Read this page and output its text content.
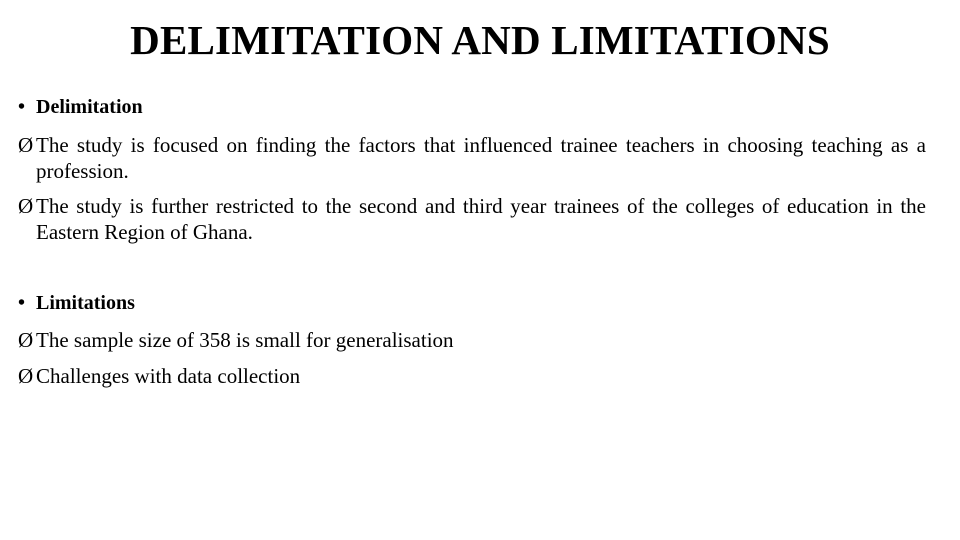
DELIMITATION AND LIMITATIONS
• Delimitation
Ø The study is focused on finding the factors that influenced trainee teachers in choosing teaching as a profession.
Ø The study is further restricted to the second and third year trainees of the colleges of education in the Eastern Region of Ghana.
• Limitations
Ø The sample size of 358 is small for generalisation
Ø Challenges with data collection
